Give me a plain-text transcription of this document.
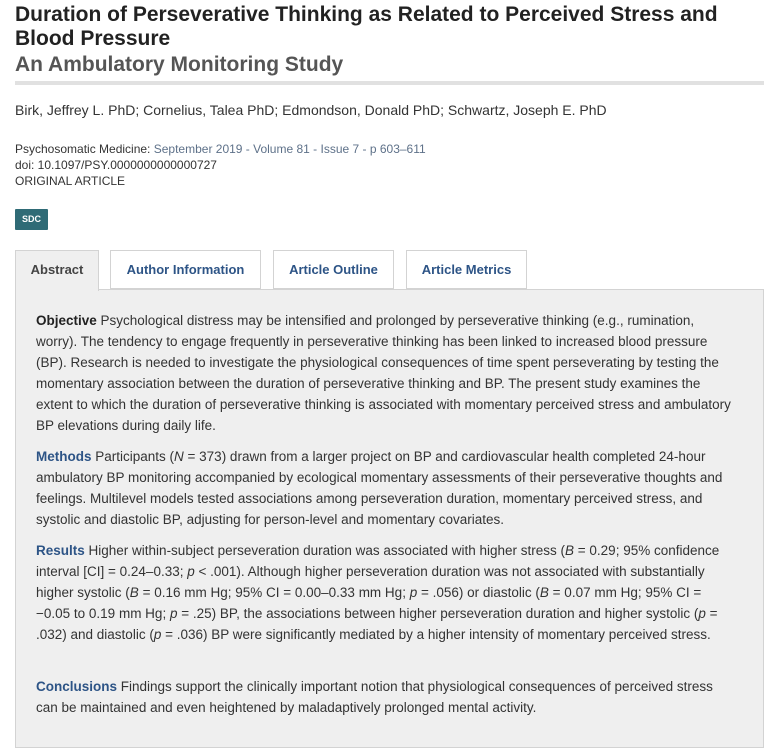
Duration of Perseverative Thinking as Related to Perceived Stress and Blood Pressure
An Ambulatory Monitoring Study
Birk, Jeffrey L. PhD; Cornelius, Talea PhD; Edmondson, Donald PhD; Schwartz, Joseph E. PhD
Psychosomatic Medicine: September 2019 - Volume 81 - Issue 7 - p 603–611
doi: 10.1097/PSY.0000000000000727
ORIGINAL ARTICLE
SDC
Abstract	Author Information	Article Outline	Article Metrics

Objective Psychological distress may be intensified and prolonged by perseverative thinking (e.g., rumination, worry). The tendency to engage frequently in perseverative thinking has been linked to increased blood pressure (BP). Research is needed to investigate the physiological consequences of time spent perseverating by testing the momentary association between the duration of perseverative thinking and BP. The present study examines the extent to which the duration of perseverative thinking is associated with momentary perceived stress and ambulatory BP elevations during daily life.

Methods Participants (N = 373) drawn from a larger project on BP and cardiovascular health completed 24-hour ambulatory BP monitoring accompanied by ecological momentary assessments of their perseverative thoughts and feelings. Multilevel models tested associations among perseveration duration, momentary perceived stress, and systolic and diastolic BP, adjusting for person-level and momentary covariates.

Results Higher within-subject perseveration duration was associated with higher stress (B = 0.29; 95% confidence interval [CI] = 0.24–0.33; p < .001). Although higher perseveration duration was not associated with substantially higher systolic (B = 0.16 mm Hg; 95% CI = 0.00–0.33 mm Hg; p = .056) or diastolic (B = 0.07 mm Hg; 95% CI = −0.05 to 0.19 mm Hg; p = .25) BP, the associations between higher perseveration duration and higher systolic (p = .032) and diastolic (p = .036) BP were significantly mediated by a higher intensity of momentary perceived stress.

Conclusions Findings support the clinically important notion that physiological consequences of perceived stress can be maintained and even heightened by maladaptively prolonged mental activity.
